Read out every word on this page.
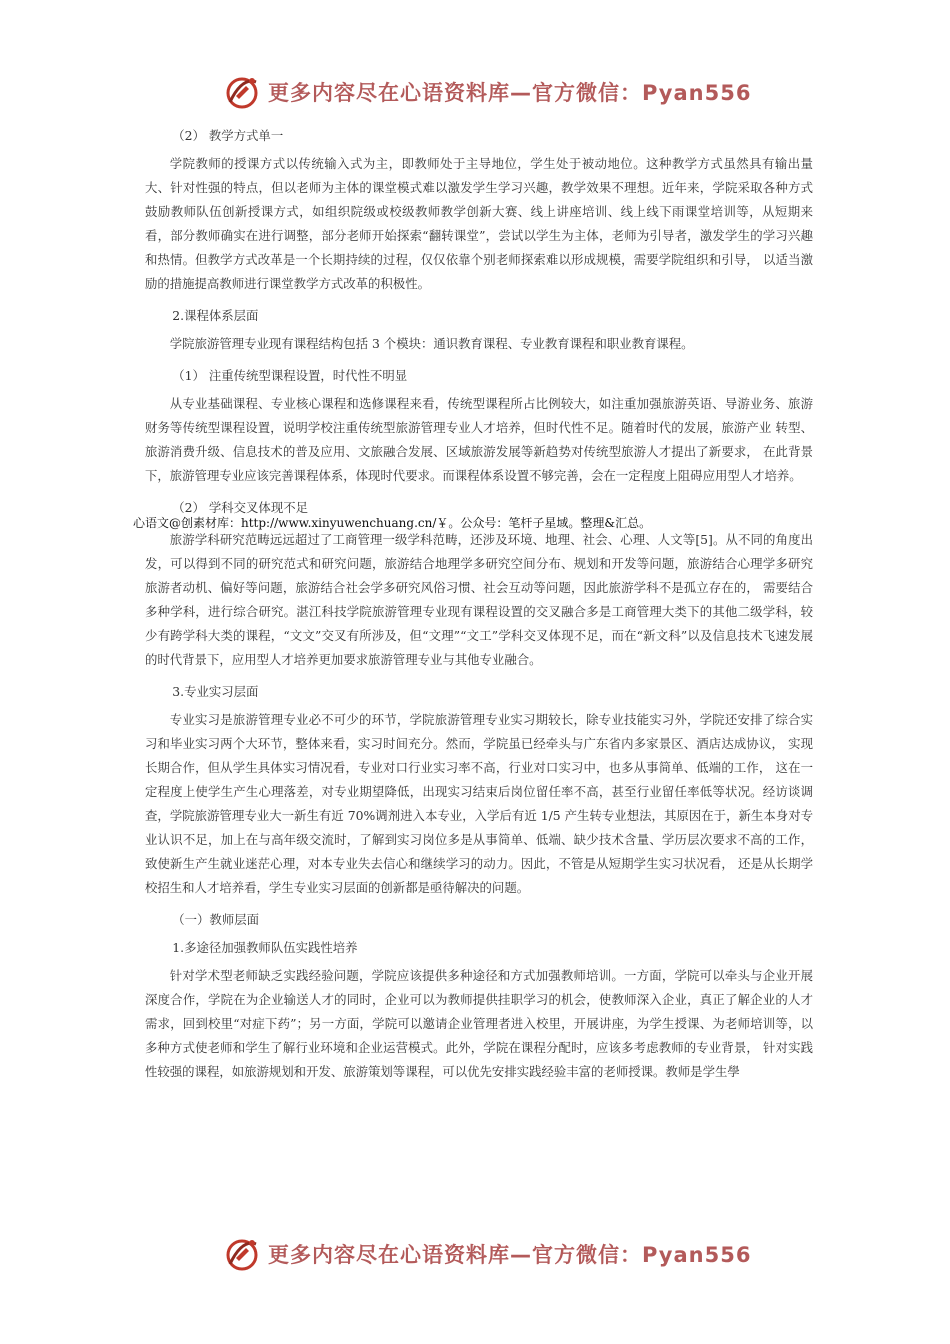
更多内容尽在心语资料库—官方微信：Pyan556
（2） 教学方式单一
学院教师的授课方式以传统输入式为主，即教师处于主导地位，学生处于被动地位。这种教学方式虽然具有输出量大、针对性强的特点，但以老师为主体的课堂模式难以激发学生学习兴趣，教学效果不理想。近年来，学院采取各种方式鼓励教师队伍创新授课方式，如组织院级或校级教师教学创新大赛、线上讲座培训、线上线下雨课堂培训等，从短期来看，部分教师确实在进行调整，部分老师开始探索“翻转课堂”，尝试以学生为主体，老师为引导者，激发学生的学习兴趣和热情。但教学方式改革是一个长期持续的过程，仅仅依靠个别老师探索难以形成规模，需要学院组织和引导， 以适当激励的措施提高教师进行课堂教学方式改革的积极性。
2.课程体系层面
学院旅游管理专业现有课程结构包括 3 个模块：通识教育课程、专业教育课程和职业教育课程。
（1） 注重传统型课程设置，时代性不明显
从专业基础课程、专业核心课程和选修课程来看，传统型课程所占比例较大，如注重加强旅游英语、导游业务、旅游财务等传统型课程设置，说明学校注重传统型旅游管理专业人才培养，但时代性不足。随着时代的发展，旅游产业 转型、旅游消费升级、信息技术的普及应用、文旅融合发展、区域旅游发展等新趋势对传统型旅游人才提出了新要求， 在此背景下，旅游管理专业应该完善课程体系，体现时代要求。而课程体系设置不够完善，会在一定程度上阻碍应用型人才培养。
（2） 学科交叉体现不足
心语文@创素材库：http://www.xinyuwenchuang.cn/￥。公众号：笔杆子星域。整理&汇总。
旅游学科研究范畴远远超过了工商管理一级学科范畴，还涉及环境、地理、社会、心理、人文等[5]。从不同的角度出发，可以得到不同的研究范式和研究问题，旅游结合地理学多研究空间分布、规划和开发等问题，旅游结合心理学多研究旅游者动机、偏好等问题，旅游结合社会学多研究风俗习惯、社会互动等问题，因此旅游学科不是孤立存在的， 需要结合多种学科，进行综合研究。湛江科技学院旅游管理专业现有课程设置的交叉融合多是工商管理大类下的其他二级学科，较少有跨学科大类的课程，“文文”交叉有所涉及，但“文理”“文工”学科交叉体现不足，而在“新文科”以及信息技术飞速发展的时代背景下，应用型人才培养更加要求旅游管理专业与其他专业融合。
3.专业实习层面
专业实习是旅游管理专业必不可少的环节，学院旅游管理专业实习期较长，除专业技能实习外，学院还安排了综合实习和毕业实习两个大环节，整体来看，实习时间充分。然而，学院虽已经牵头与广东省内多家景区、酒店达成协议， 实现长期合作，但从学生具体实习情况看，专业对口行业实习率不高，行业对口实习中，也多从事简单、低端的工作， 这在一定程度上使学生产生心理落差，对专业期望降低，出现实习结束后岗位留任率不高，甚至行业留任率低等状况。经访谈调查，学院旅游管理专业大一新生有近 70%调剂进入本专业，入学后有近 1/5 产生转专业想法，其原因在于，新生本身对专业认识不足，加上在与高年级交流时，了解到实习岗位多是从事简单、低端、缺少技术含量、学历层次要求不高的工作，致使新生产生就业迷茫心理，对本专业失去信心和继续学习的动力。因此，不管是从短期学生实习状况看， 还是从长期学校招生和人才培养看，学生专业实习层面的创新都是亟待解决的问题。
（一）教师层面
1.多途径加强教师队伍实践性培养
针对学术型老师缺乏实践经验问题，学院应该提供多种途径和方式加强教师培训。一方面，学院可以牵头与企业开展深度合作，学院在为企业输送人才的同时，企业可以为教师提供挂职学习的机会，使教师深入企业，真正了解企业的人才需求，回到校⾥“对症下药”；另一方面，学院可以邀请企业管理者进入校⾥，开展讲座，为学生授课、为老师培训等，以多种方式使老师和学生了解行业环境和企业运营模式。此外，学院在课程分配时，应该多考虑教师的专业背景， 针对实践性较强的课程，如旅游规划和开发、旅游策划等课程，可以优先安排实践经验丰富的老师授课。教师是学生學
更多内容尽在心语资料库—官方微信：Pyan556
